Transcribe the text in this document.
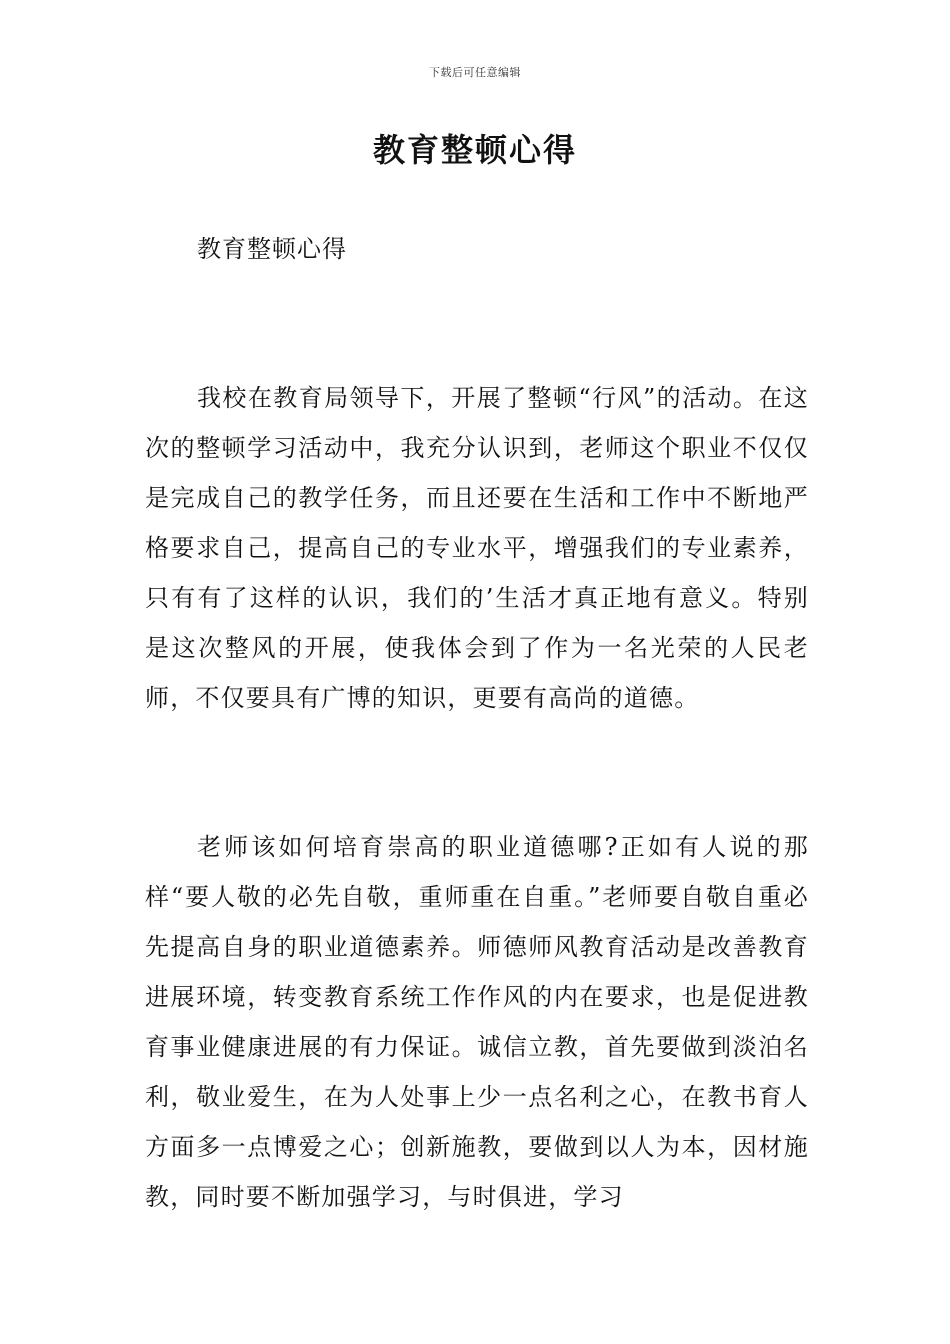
下载后可任意编辑
教育整顿心得
教育整顿心得

我校在教育局领导下，开展了整顿“行风”的活动。在这次的整顿学习活动中，我充分认识到，老师这个职业不仅仅是完成自己的教学任务，而且还要在生活和工作中不断地严格要求自己，提高自己的专业水平，增强我们的专业素养，只有有了这样的认识，我们的’生活才真正地有意义。特别是这次整风的开展，使我体会到了作为一名光荣的人民老师，不仅要具有广博的知识，更要有高尚的道德。

老师该如何培育崇高的职业道德哪?正如有人说的那样“要人敬的必先自敬，重师重在自重。”老师要自敬自重必先提高自身的职业道德素养。师德师风教育活动是改善教育进展环境，转变教育系统工作作风的内在要求，也是促进教育事业健康进展的有力保证。诚信立教，首先要做到淡泊名利，敬业爱生，在为人处事上少一点名利之心，在教书育人方面多一点博爱之心；创新施教，要做到以人为本，因材施教，同时要不断加强学习，与时俱进，学习
